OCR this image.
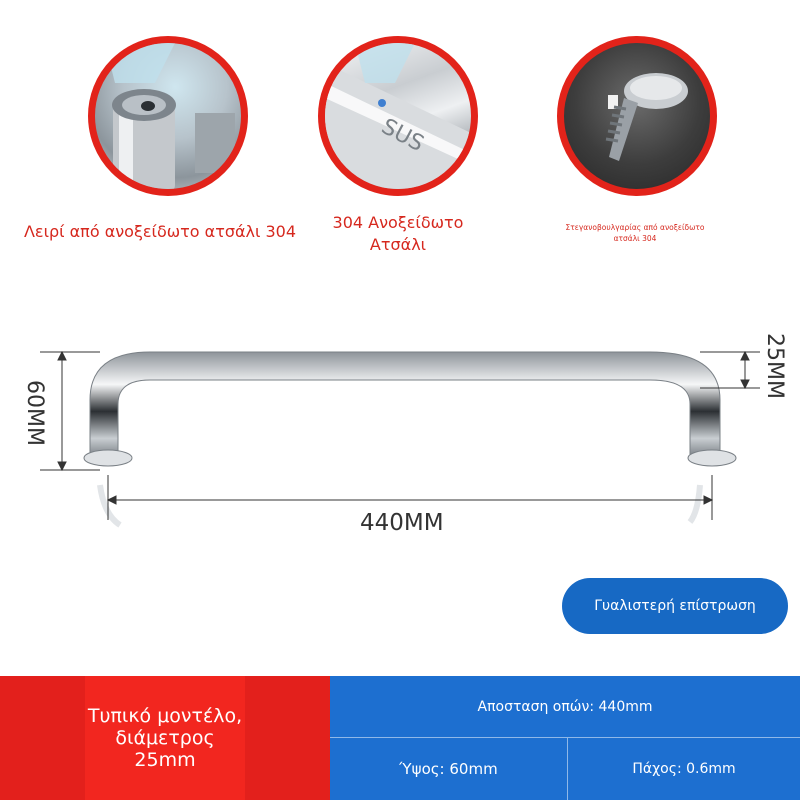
Λειρί από ανοξείδωτο ατσάλι 304
SUS
304 Ανοξείδωτο Ατσάλι
Στεγανοβουλγαρίας από ανοξείδωτο ατσάλι 304
440MM
60MM
25MM
Γυαλιστερή επίστρωση
Τυπικό μοντέλο, διάμετρος 25mm
Αποσταση οπών: 440mm
Ύψος: 60mm	Πάχος: 0.6mm
